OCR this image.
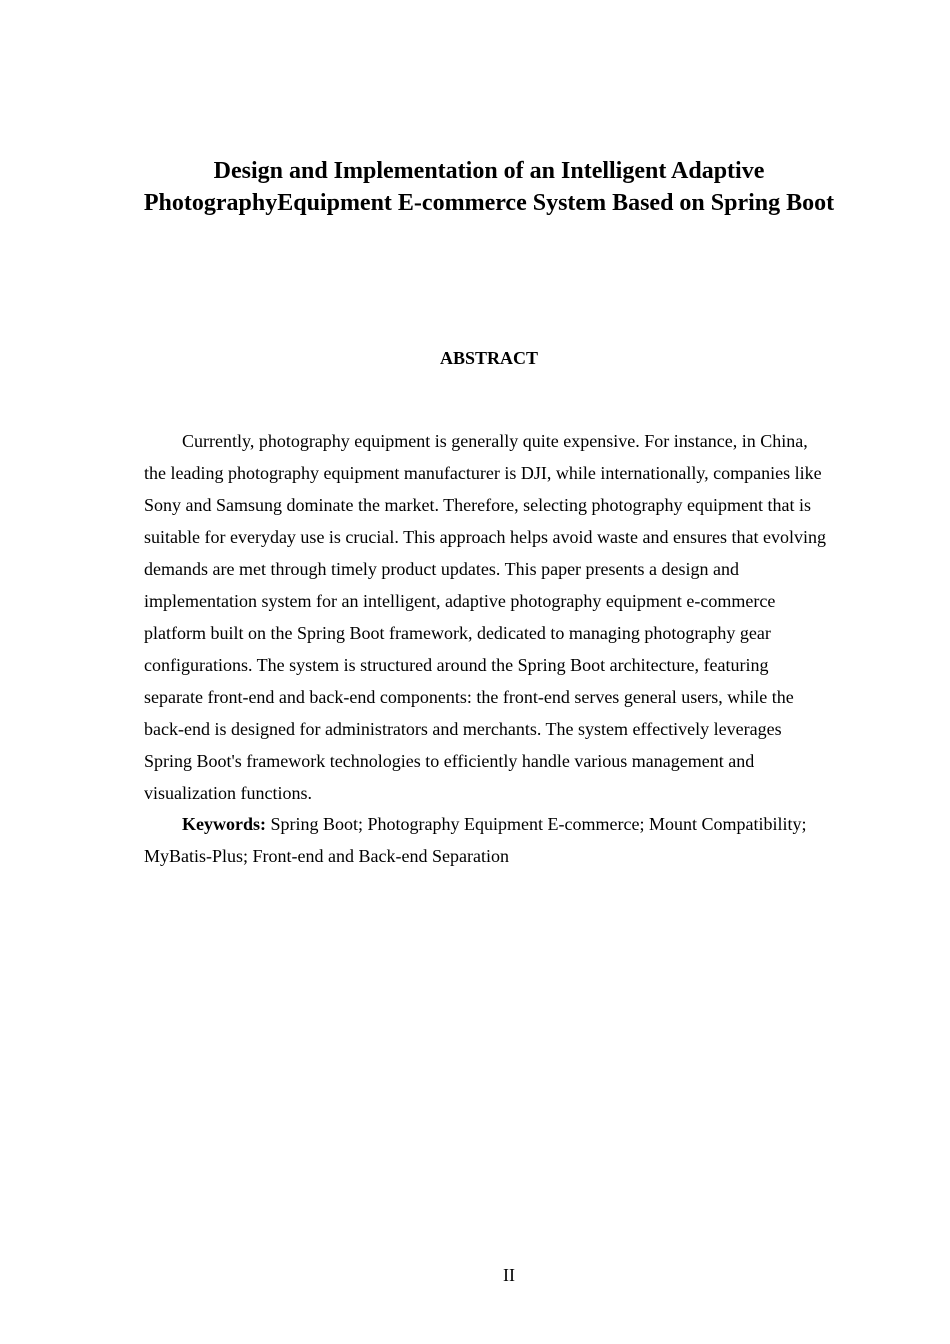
Design and Implementation of an Intelligent Adaptive PhotographyEquipment E-commerce System Based on Spring Boot
ABSTRACT

Currently, photography equipment is generally quite expensive. For instance, in China, the leading photography equipment manufacturer is DJI, while internationally, companies like Sony and Samsung dominate the market. Therefore, selecting photography equipment that is suitable for everyday use is crucial. This approach helps avoid waste and ensures that evolving demands are met through timely product updates. This paper presents a design and implementation system for an intelligent, adaptive photography equipment e-commerce platform built on the Spring Boot framework, dedicated to managing photography gear configurations. The system is structured around the Spring Boot architecture, featuring separate front-end and back-end components: the front-end serves general users, while the back-end is designed for administrators and merchants. The system effectively leverages Spring Boot's framework technologies to efficiently handle various management and visualization functions.

Keywords: Spring Boot; Photography Equipment E-commerce; Mount Compatibility; MyBatis-Plus; Front-end and Back-end Separation

II
